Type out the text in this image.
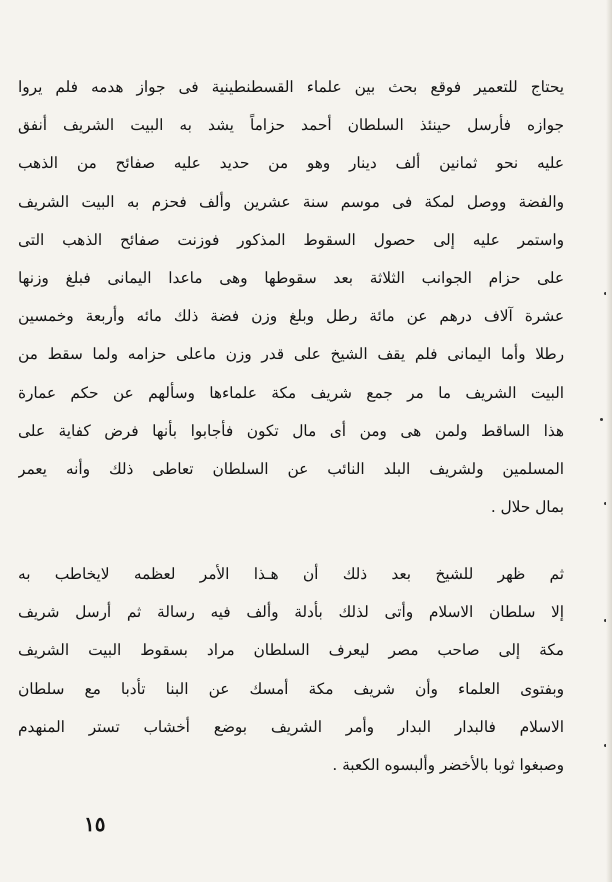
يحتاج للتعمير فوقع بحث بين علماء القسطنطينية فى جواز هدمه فلم يروا
جوازه فأرسل حينئذ السلطان أحمد حزاماً يشد به البيت الشريف أنفق
عليه نحو ثمانين ألف دينار وهو من حديد عليه صفائح من الذهب
والفضة ووصل لمكة فى موسم سنة عشرين وألف فحزم به البيت الشريف
واستمر عليه إلى حصول السقوط المذكور فوزنت صفائح الذهب التى
على حزام الجوانب الثلاثة بعد سقوطها وهى ماعدا اليمانى فبلغ وزنها
عشرة آلاف درهم عن مائة رطل وبلغ وزن فضة ذلك مائه وأربعة وخمسين
رطلا وأما اليمانى فلم يقف الشيخ على قدر وزن ماعلى حزامه ولما سقط من
البيت الشريف ما مر جمع شريف مكة علماءها وسألهم عن حكم عمارة
هذا الساقط ولمن هى ومن أى مال تكون فأجابوا بأنها فرض كفاية على
المسلمين ولشريف البلد النائب عن السلطان تعاطى ذلك وأنه يعمر
بمال حلال .
ثم ظهر للشيخ بعد ذلك أن هـذا الأمر لعظمه لايخاطب به
إلا سلطان الاسلام وأتى لذلك بأدلة وألف فيه رسالة ثم أرسل شريف
مكة إلى صاحب مصر ليعرف السلطان مراد بسقوط البيت الشريف
وبفتوى العلماء وأن شريف مكة أمسك عن البنا تأدبا مع سلطان
الاسلام فالبدار البدار وأمر الشريف بوضع أخشاب تستر المنهدم
وصبغوا ثوبا بالأخضر وألبسوه الكعبة .
١٥
